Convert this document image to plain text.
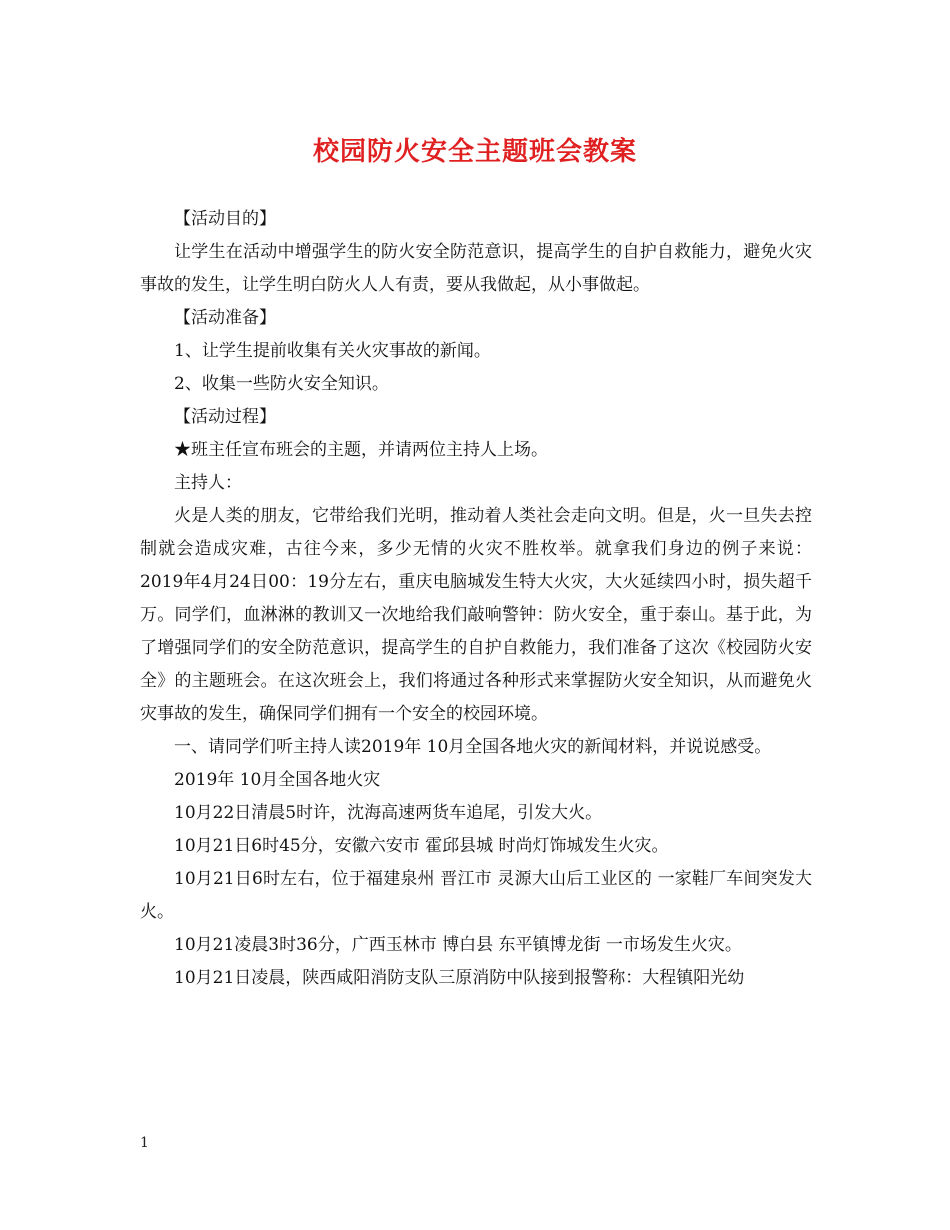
校园防火安全主题班会教案

【活动目的】

让学生在活动中增强学生的防火安全防范意识，提高学生的自护自救能力，避免火灾事故的发生，让学生明白防火人人有责，要从我做起，从小事做起。

【活动准备】

1、让学生提前收集有关火灾事故的新闻。

2、收集一些防火安全知识。

【活动过程】

★班主任宣布班会的主题，并请两位主持人上场。

主持人：

火是人类的朋友，它带给我们光明，推动着人类社会走向文明。但是，火一旦失去控制就会造成灾难，古往今来，多少无情的火灾不胜枚举。就拿我们身边的例子来说：2019年4月24日00：19分左右，重庆电脑城发生特大火灾，大火延续四小时，损失超千万。同学们，血淋淋的教训又一次地给我们敲响警钟：防火安全，重于泰山。基于此，为了增强同学们的安全防范意识，提高学生的自护自救能力，我们准备了这次《校园防火安全》的主题班会。在这次班会上，我们将通过各种形式来掌握防火安全知识，从而避免火灾事故的发生，确保同学们拥有一个安全的校园环境。

一、请同学们听主持人读2019年 10月全国各地火灾的新闻材料，并说说感受。

2019年 10月全国各地火灾

10月22日清晨5时许，沈海高速两货车追尾，引发大火。

10月21日6时45分，安徽六安市 霍邱县城 时尚灯饰城发生火灾。

10月21日6时左右，位于福建泉州 晋江市 灵源大山后工业区的 一家鞋厂车间突发大火。

10月21凌晨3时36分，广西玉林市 博白县 东平镇博龙街 一市场发生火灾。

10月21日凌晨，陕西咸阳消防支队三原消防中队接到报警称：大程镇阳光幼

1
